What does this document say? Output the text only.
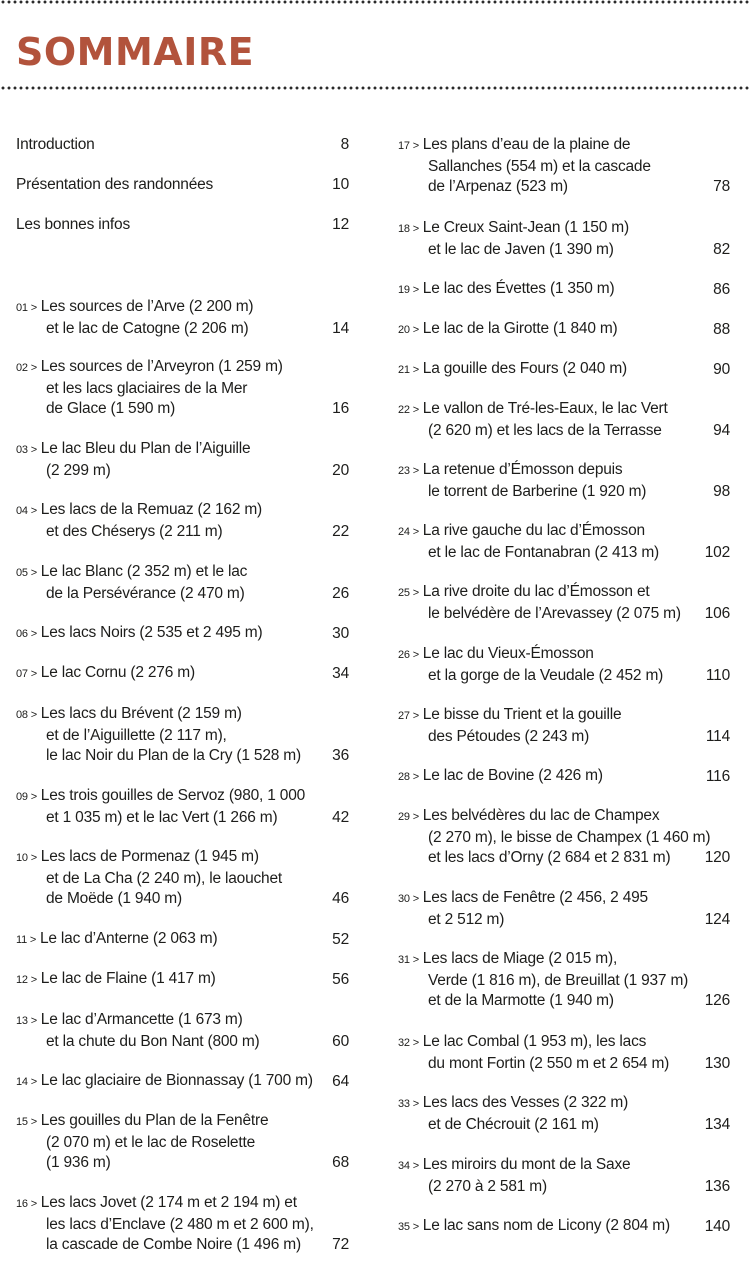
SOMMAIRE
Introduction	8
Présentation des randonnées	10
Les bonnes infos	12
01 > Les sources de l’Arve (2 200 m)
et le lac de Catogne (2 206 m)	14
02 > Les sources de l’Arveyron (1 259 m)
et les lacs glaciaires de la Mer
de Glace (1 590 m)	16
03 > Le lac Bleu du Plan de l’Aiguille
(2 299 m)	20
04 > Les lacs de la Remuaz (2 162 m)
et des Chéserys (2 211 m)	22
05 > Le lac Blanc (2 352 m) et le lac
de la Persévérance (2 470 m)	26
06 > Les lacs Noirs (2 535 et 2 495 m)	30
07 > Le lac Cornu (2 276 m)	34
08 > Les lacs du Brévent (2 159 m)
et de l’Aiguillette (2 117 m),
le lac Noir du Plan de la Cry (1 528 m)	36
09 > Les trois gouilles de Servoz (980, 1 000
et 1 035 m) et le lac Vert (1 266 m)	42
10 > Les lacs de Pormenaz (1 945 m)
et de La Cha (2 240 m), le laouchet
de Moëde (1 940 m)	46
11 > Le lac d’Anterne (2 063 m)	52
12 > Le lac de Flaine (1 417 m)	56
13 > Le lac d’Armancette (1 673 m)
et la chute du Bon Nant (800 m)	60
14 > Le lac glaciaire de Bionnassay (1 700 m) 64
15 > Les gouilles du Plan de la Fenêtre
(2 070 m) et le lac de Roselette
(1 936 m)	68
16 > Les lacs Jovet (2 174 m et 2 194 m) et
les lacs d’Enclave (2 480 m et 2 600 m),
la cascade de Combe Noire (1 496 m)	72
17 > Les plans d’eau de la plaine de
Sallanches (554 m) et la cascade
de l’Arpenaz (523 m)	78
18 > Le Creux Saint-Jean (1 150 m)
et le lac de Javen (1 390 m)	82
19 > Le lac des Évettes (1 350 m)	86
20 > Le lac de la Girotte (1 840 m)	88
21 > La gouille des Fours (2 040 m)	90
22 > Le vallon de Tré-les-Eaux, le lac Vert
(2 620 m) et les lacs de la Terrasse	94
23 > La retenue d’Émosson depuis
le torrent de Barberine (1 920 m)	98
24 > La rive gauche du lac d’Émosson
et le lac de Fontanabran (2 413 m)	102
25 > La rive droite du lac d’Émosson et
le belvédère de l’Arevassey (2 075 m)	106
26 > Le lac du Vieux-Émosson
et la gorge de la Veudale (2 452 m)	110
27 > Le bisse du Trient et la gouille
des Pétoudes (2 243 m)	114
28 > Le lac de Bovine (2 426 m)	116
29 > Les belvédères du lac de Champex
(2 270 m), le bisse de Champex (1 460 m)
et les lacs d’Orny (2 684 et 2 831 m)	120
30 > Les lacs de Fenêtre (2 456, 2 495
et 2 512 m)	124
31 > Les lacs de Miage (2 015 m),
Verde (1 816 m), de Breuillat (1 937 m)
et de la Marmotte (1 940 m)	126
32 > Le lac Combal (1 953 m), les lacs
du mont Fortin (2 550 m et 2 654 m)	130
33 > Les lacs des Vesses (2 322 m)
et de Chécrouit (2 161 m)	134
34 > Les miroirs du mont de la Saxe
(2 270 à 2 581 m)	136
35 > Le lac sans nom de Licony (2 804 m)	140
